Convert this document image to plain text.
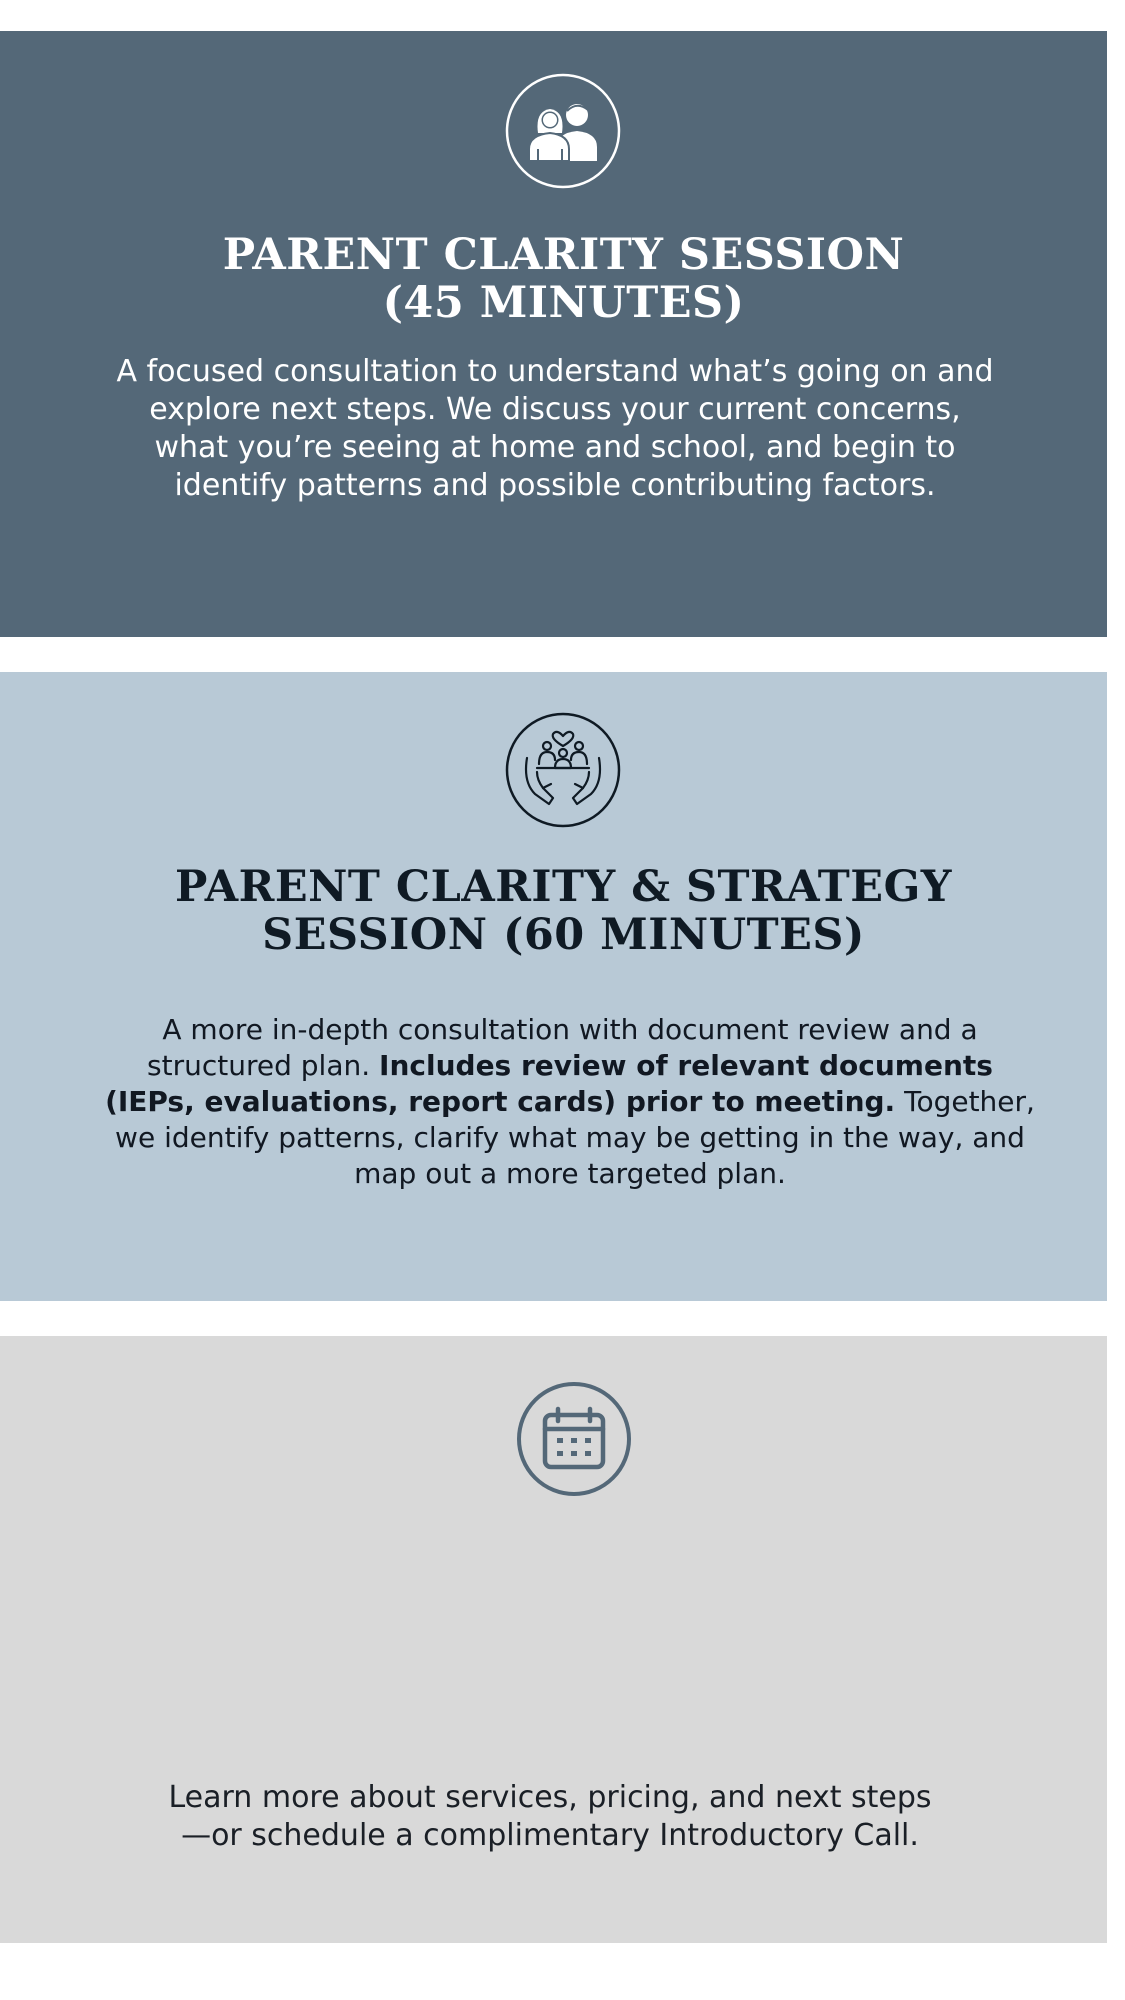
PARENT CLARITY SESSION
(45 MINUTES)

A focused consultation to understand what’s going on and explore next steps. We discuss your current concerns, what you’re seeing at home and school, and begin to identify patterns and possible contributing factors.

PARENT CLARITY & STRATEGY
SESSION (60 MINUTES)

A more in-depth consultation with document review and a structured plan. Includes review of relevant documents (IEPs, evaluations, report cards) prior to meeting. Together, we identify patterns, clarify what may be getting in the way, and map out a more targeted plan.

Learn more about services, pricing, and next steps
—or schedule a complimentary Introductory Call.
